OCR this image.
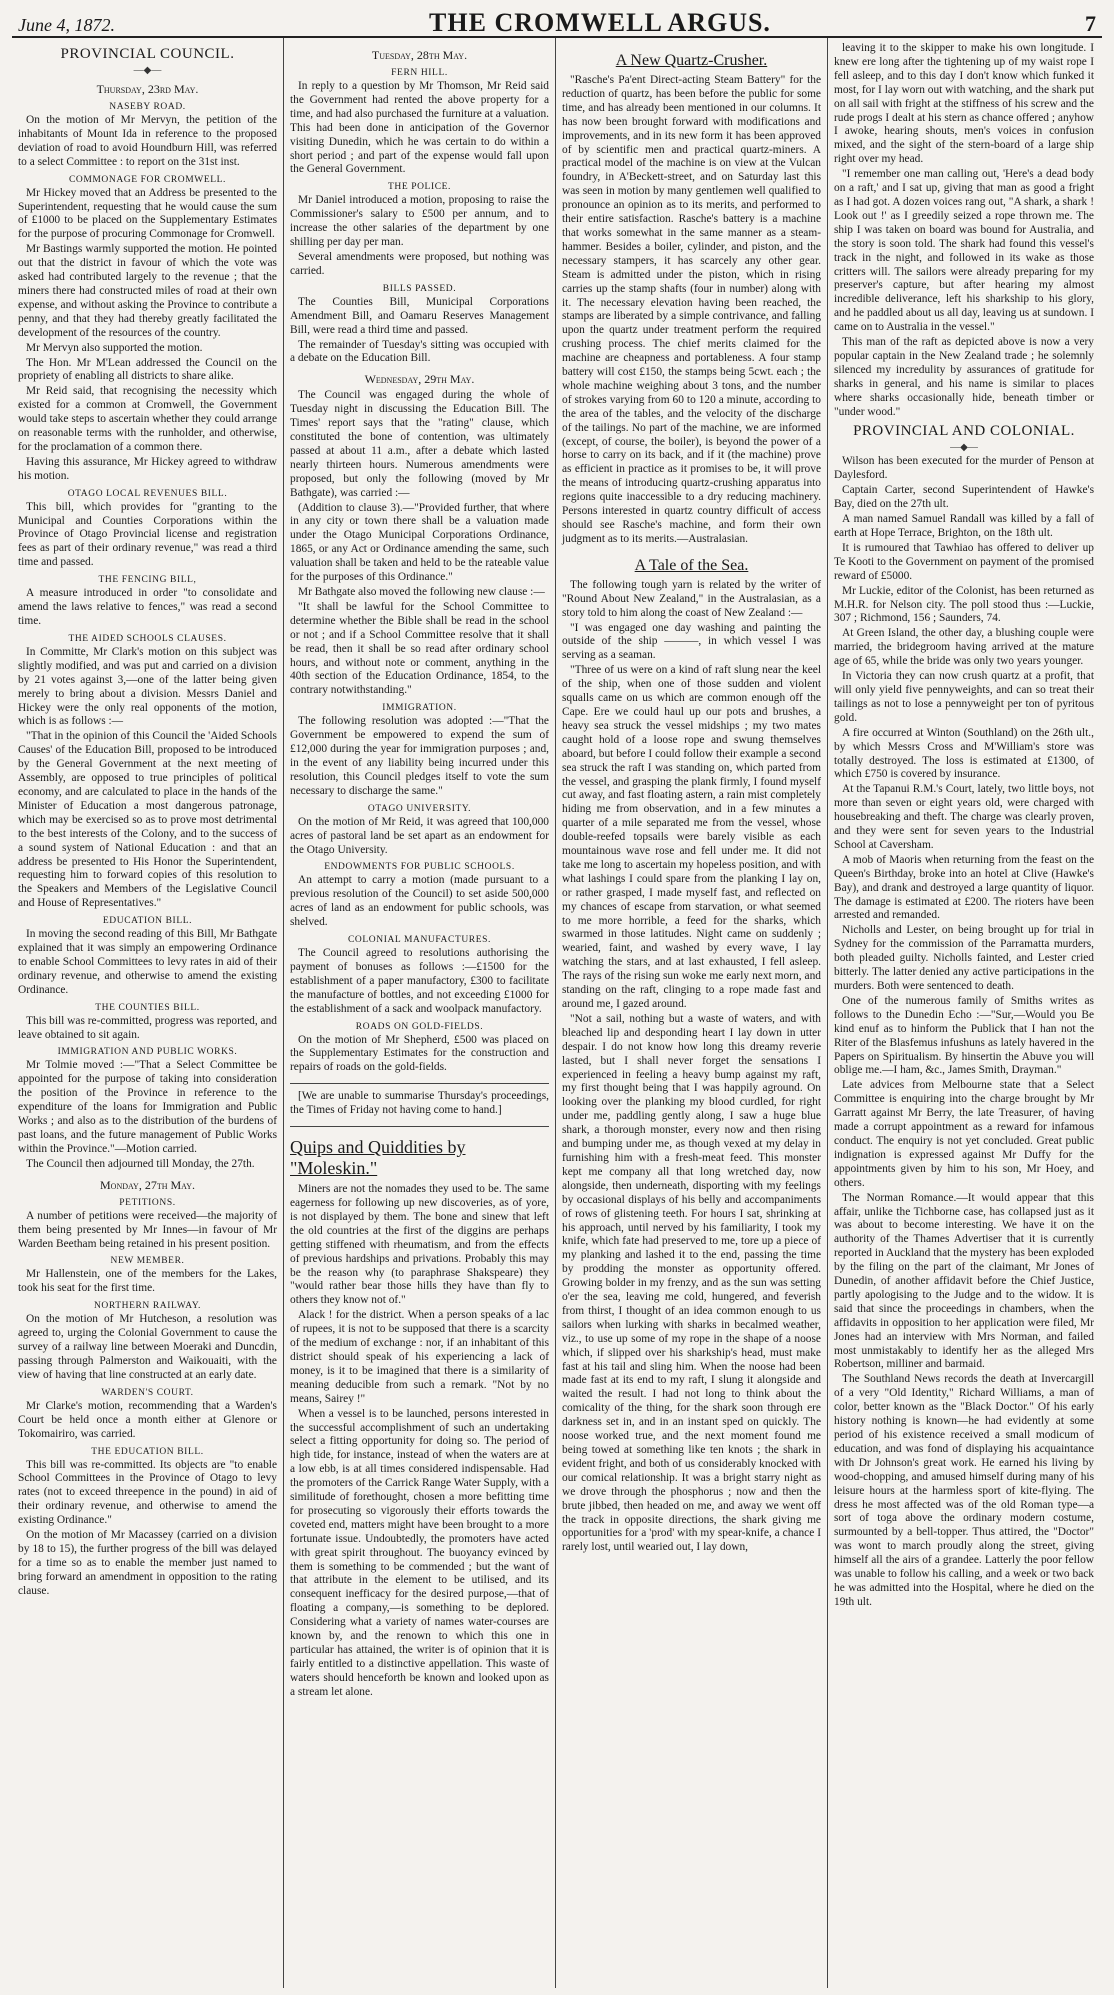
June 4, 1872.	THE CROMWELL ARGUS.	7
PROVINCIAL COUNCIL.
—◆—
Thursday, 23rd May.
NASEBY ROAD.

On the motion of Mr Mervyn, the petition of the inhabitants of Mount Ida in reference to the proposed deviation of road to avoid Houndburn Hill, was referred to a select Committee : to report on the 31st inst.

COMMONAGE FOR CROMWELL.

Mr Hickey moved that an Address be presented to the Superintendent, requesting that he would cause the sum of £1000 to be placed on the Supplementary Estimates for the purpose of procuring Commonage for Cromwell.

Mr Bastings warmly supported the motion. He pointed out that the district in favour of which the vote was asked had contributed largely to the revenue ; that the miners there had constructed miles of road at their own expense, and without asking the Province to contribute a penny, and that they had thereby greatly facilitated the development of the resources of the country.

Mr Mervyn also supported the motion.

The Hon. Mr M'Lean addressed the Council on the propriety of enabling all districts to share alike.

Mr Reid said, that recognising the necessity which existed for a common at Cromwell, the Government would take steps to ascertain whether they could arrange on reasonable terms with the runholder, and otherwise, for the proclamation of a common there.

Having this assurance, Mr Hickey agreed to withdraw his motion.

OTAGO LOCAL REVENUES BILL.

This bill, which provides for "granting to the Municipal and Counties Corporations within the Province of Otago Provincial license and registration fees as part of their ordinary revenue," was read a third time and passed.

THE FENCING BILL,

A measure introduced in order "to consolidate and amend the laws relative to fences," was read a second time.

THE AIDED SCHOOLS CLAUSES.

In Committe, Mr Clark's motion on this subject was slightly modified, and was put and carried on a division by 21 votes against 3,—one of the latter being given merely to bring about a division. Messrs Daniel and Hickey were the only real opponents of the motion, which is as follows :—

"That in the opinion of this Council the 'Aided Schools Causes' of the Education Bill, proposed to be introduced by the General Government at the next meeting of Assembly, are opposed to true principles of political economy, and are calculated to place in the hands of the Minister of Education a most dangerous patronage, which may be exercised so as to prove most detrimental to the best interests of the Colony, and to the success of a sound system of National Education : and that an address be presented to His Honor the Superintendent, requesting him to forward copies of this resolution to the Speakers and Members of the Legislative Council and House of Representatives."

EDUCATION BILL.

In moving the second reading of this Bill, Mr Bathgate explained that it was simply an empowering Ordinance to enable School Committees to levy rates in aid of their ordinary revenue, and otherwise to amend the existing Ordinance.

THE COUNTIES BILL.

This bill was re-committed, progress was reported, and leave obtained to sit again.

IMMIGRATION AND PUBLIC WORKS.

Mr Tolmie moved :—"That a Select Committee be appointed for the purpose of taking into consideration the position of the Province in reference to the expenditure of the loans for Immigration and Public Works ; and also as to the distribution of the burdens of past loans, and the future management of Public Works within the Province."—Motion carried.

The Council then adjourned till Monday, the 27th.

Monday, 27th May.
PETITIONS.

A number of petitions were received—the majority of them being presented by Mr Innes—in favour of Mr Warden Beetham being retained in his present position.

NEW MEMBER.

Mr Hallenstein, one of the members for the Lakes, took his seat for the first time.

NORTHERN RAILWAY.

On the motion of Mr Hutcheson, a resolution was agreed to, urging the Colonial Government to cause the survey of a railway line between Moeraki and Duncdin, passing through Palmerston and Waikouaiti, with the view of having that line constructed at an early date.

WARDEN'S COURT.

Mr Clarke's motion, recommending that a Warden's Court be held once a month either at Glenore or Tokomairiro, was carried.

THE EDUCATION BILL.

This bill was re-committed. Its objects are "to enable School Committees in the Province of Otago to levy rates (not to exceed threepence in the pound) in aid of their ordinary revenue, and otherwise to amend the existing Ordinance."

On the motion of Mr Macassey (carried on a division by 18 to 15), the further progress of the bill was delayed for a time so as to enable the member just named to bring forward an amendment in opposition to the rating clause.

Tuesday, 28th May.
FERN HILL.

In reply to a question by Mr Thomson, Mr Reid said the Government had rented the above property for a time, and had also purchased the furniture at a valuation. This had been done in anticipation of the Governor visiting Dunedin, which he was certain to do within a short period ; and part of the expense would fall upon the General Government.

THE POLICE.

Mr Daniel introduced a motion, proposing to raise the Commissioner's salary to £500 per annum, and to increase the other salaries of the department by one shilling per day per man.

Several amendments were proposed, but nothing was carried.

BILLS PASSED.

The Counties Bill, Municipal Corporations Amendment Bill, and Oamaru Reserves Management Bill, were read a third time and passed.

The remainder of Tuesday's sitting was occupied with a debate on the Education Bill.

Wednesday, 29th May.

The Council was engaged during the whole of Tuesday night in discussing the Education Bill. The Times' report says that the "rating" clause, which constituted the bone of contention, was ultimately passed at about 11 a.m., after a debate which lasted nearly thirteen hours. Numerous amendments were proposed, but only the following (moved by Mr Bathgate), was carried :—

(Addition to clause 3).—"Provided further, that where in any city or town there shall be a valuation made under the Otago Municipal Corporations Ordinance, 1865, or any Act or Ordinance amending the same, such valuation shall be taken and held to be the rateable value for the purposes of this Ordinance."

Mr Bathgate also moved the following new clause :—

"It shall be lawful for the School Committee to determine whether the Bible shall be read in the school or not ; and if a School Committee resolve that it shall be read, then it shall be so read after ordinary school hours, and without note or comment, anything in the 40th section of the Education Ordinance, 1854, to the contrary notwithstanding."

IMMIGRATION.

The following resolution was adopted :—"That the Government be empowered to expend the sum of £12,000 during the year for immigration purposes ; and, in the event of any liability being incurred under this resolution, this Council pledges itself to vote the sum necessary to discharge the same."

OTAGO UNIVERSITY.

On the motion of Mr Reid, it was agreed that 100,000 acres of pastoral land be set apart as an endowment for the Otago University.

ENDOWMENTS FOR PUBLIC SCHOOLS.

An attempt to carry a motion (made pursuant to a previous resolution of the Council) to set aside 500,000 acres of land as an endowment for public schools, was shelved.

COLONIAL MANUFACTURES.

The Council agreed to resolutions authorising the payment of bonuses as follows :—£1500 for the establishment of a paper manufactory, £300 to facilitate the manufacture of bottles, and not exceeding £1000 for the establishment of a sack and woolpack manufactory.

ROADS ON GOLD-FIELDS.

On the motion of Mr Shepherd, £500 was placed on the Supplementary Estimates for the construction and repairs of roads on the gold-fields.

[We are unable to summarise Thursday's proceedings, the Times of Friday not having come to hand.]

Quips and Quiddities by "Moleskin."

Miners are not the nomades they used to be. The same eagerness for following up new discoveries, as of yore, is not displayed by them. The bone and sinew that left the old countries at the first of the diggins are perhaps getting stiffened with rheumatism, and from the effects of previous hardships and privations. Probably this may be the reason why (to paraphrase Shakspeare) they "would rather bear those hills they have than fly to others they know not of."

Alack ! for the district. When a person speaks of a lac of rupees, it is not to be supposed that there is a scarcity of the medium of exchange : nor, if an inhabitant of this district should speak of his experiencing a lack of money, is it to be imagined that there is a similarity of meaning deducible from such a remark. "Not by no means, Sairey !"

When a vessel is to be launched, persons interested in the successful accomplishment of such an undertaking select a fitting opportunity for doing so. The period of high tide, for instance, instead of when the waters are at a low ebb, is at all times considered indispensable. Had the promoters of the Carrick Range Water Supply, with a similitude of forethought, chosen a more befitting time for prosecuting so vigorously their efforts towards the coveted end, matters might have been brought to a more fortunate issue. Undoubtedly, the promoters have acted with great spirit throughout. The buoyancy evinced by them is something to be commended ; but the want of that attribute in the element to be utilised, and its consequent inefficacy for the desired purpose,—that of floating a company,—is something to be deplored. Considering what a variety of names water-courses are known by, and the renown to which this one in particular has attained, the writer is of opinion that it is fairly entitled to a distinctive appellation. This waste of waters should henceforth be known and looked upon as a stream let alone.

A New Quartz-Crusher.

"Rasche's Pa'ent Direct-acting Steam Battery" for the reduction of quartz, has been before the public for some time, and has already been mentioned in our columns. It has now been brought forward with modifications and improvements, and in its new form it has been approved of by scientific men and practical quartz-miners. A practical model of the machine is on view at the Vulcan foundry, in A'Beckett-street, and on Saturday last this was seen in motion by many gentlemen well qualified to pronounce an opinion as to its merits, and performed to their entire satisfaction. Rasche's battery is a machine that works somewhat in the same manner as a steam-hammer. Besides a boiler, cylinder, and piston, and the necessary stampers, it has scarcely any other gear. Steam is admitted under the piston, which in rising carries up the stamp shafts (four in number) along with it. The necessary elevation having been reached, the stamps are liberated by a simple contrivance, and falling upon the quartz under treatment perform the required crushing process. The chief merits claimed for the machine are cheapness and portableness. A four stamp battery will cost £150, the stamps being 5cwt. each ; the whole machine weighing about 3 tons, and the number of strokes varying from 60 to 120 a minute, according to the area of the tables, and the velocity of the discharge of the tailings. No part of the machine, we are informed (except, of course, the boiler), is beyond the power of a horse to carry on its back, and if it (the machine) prove as efficient in practice as it promises to be, it will prove the means of introducing quartz-crushing apparatus into regions quite inaccessible to a dry reducing machinery. Persons interested in quartz country difficult of access should see Rasche's machine, and form their own judgment as to its merits.—Australasian.

A Tale of the Sea.

The following tough yarn is related by the writer of "Round About New Zealand," in the Australasian, as a story told to him along the coast of New Zealand :—

"I was engaged one day washing and painting the outside of the ship ———, in which vessel I was serving as a seaman.

"Three of us were on a kind of raft slung near the keel of the ship, when one of those sudden and violent squalls came on us which are common enough off the Cape. Ere we could haul up our pots and brushes, a heavy sea struck the vessel midships ; my two mates caught hold of a loose rope and swung themselves aboard, but before I could follow their example a second sea struck the raft I was standing on, which parted from the vessel, and grasping the plank firmly, I found myself cut away, and fast floating astern, a rain mist completely hiding me from observation, and in a few minutes a quarter of a mile separated me from the vessel, whose double-reefed topsails were barely visible as each mountainous wave rose and fell under me. It did not take me long to ascertain my hopeless position, and with what lashings I could spare from the planking I lay on, or rather grasped, I made myself fast, and reflected on my chances of escape from starvation, or what seemed to me more horrible, a feed for the sharks, which swarmed in those latitudes. Night came on suddenly ; wearied, faint, and washed by every wave, I lay watching the stars, and at last exhausted, I fell asleep. The rays of the rising sun woke me early next morn, and standing on the raft, clinging to a rope made fast and around me, I gazed around.

"Not a sail, nothing but a waste of waters, and with bleached lip and desponding heart I lay down in utter despair. I do not know how long this dreamy reverie lasted, but I shall never forget the sensations I experienced in feeling a heavy bump against my raft, my first thought being that I was happily aground. On looking over the planking my blood curdled, for right under me, paddling gently along, I saw a huge blue shark, a thorough monster, every now and then rising and bumping under me, as though vexed at my delay in furnishing him with a fresh-meat feed. This monster kept me company all that long wretched day, now alongside, then underneath, disporting with my feelings by occasional displays of his belly and accompaniments of rows of glistening teeth. For hours I sat, shrinking at his approach, until nerved by his familiarity, I took my knife, which fate had preserved to me, tore up a piece of my planking and lashed it to the end, passing the time by prodding the monster as opportunity offered. Growing bolder in my frenzy, and as the sun was setting o'er the sea, leaving me cold, hungered, and feverish from thirst, I thought of an idea common enough to us sailors when lurking with sharks in becalmed weather, viz., to use up some of my rope in the shape of a noose which, if slipped over his sharkship's head, must make fast at his tail and sling him. When the noose had been made fast at its end to my raft, I slung it alongside and waited the result. I had not long to think about the comicality of the thing, for the shark soon through ere darkness set in, and in an instant sped on quickly. The noose worked true, and the next moment found me being towed at something like ten knots ; the shark in evident fright, and both of us considerably knocked with our comical relationship. It was a bright starry night as we drove through the phosphorus ; now and then the brute jibbed, then headed on me, and away we went off the track in opposite directions, the shark giving me opportunities for a 'prod' with my spear-knife, a chance I rarely lost, until wearied out, I lay down,

leaving it to the skipper to make his own longitude. I knew ere long after the tightening up of my waist rope I fell asleep, and to this day I don't know which funked it most, for I lay worn out with watching, and the shark put on all sail with fright at the stiffness of his screw and the rude progs I dealt at his stern as chance offered ; anyhow I awoke, hearing shouts, men's voices in confusion mixed, and the sight of the stern-board of a large ship right over my head.

"I remember one man calling out, 'Here's a dead body on a raft,' and I sat up, giving that man as good a fright as I had got. A dozen voices rang out, "A shark, a shark ! Look out !' as I greedily seized a rope thrown me. The ship I was taken on board was bound for Australia, and the story is soon told. The shark had found this vessel's track in the night, and followed in its wake as those critters will. The sailors were already preparing for my preserver's capture, but after hearing my almost incredible deliverance, left his sharkship to his glory, and he paddled about us all day, leaving us at sundown. I came on to Australia in the vessel."

This man of the raft as depicted above is now a very popular captain in the New Zealand trade ; he solemnly silenced my incredulity by assurances of gratitude for sharks in general, and his name is similar to places where sharks occasionally hide, beneath timber or "under wood."

PROVINCIAL AND COLONIAL.
—◆—

Wilson has been executed for the murder of Penson at Daylesford.

Captain Carter, second Superintendent of Hawke's Bay, died on the 27th ult.

A man named Samuel Randall was killed by a fall of earth at Hope Terrace, Brighton, on the 18th ult.

It is rumoured that Tawhiao has offered to deliver up Te Kooti to the Government on payment of the promised reward of £5000.

Mr Luckie, editor of the Colonist, has been returned as M.H.R. for Nelson city. The poll stood thus :—Luckie, 307 ; Richmond, 156 ; Saunders, 74.

At Green Island, the other day, a blushing couple were married, the bridegroom having arrived at the mature age of 65, while the bride was only two years younger.

In Victoria they can now crush quartz at a profit, that will only yield five pennyweights, and can so treat their tailings as not to lose a pennyweight per ton of pyritous gold.

A fire occurred at Winton (Southland) on the 26th ult., by which Messrs Cross and M'William's store was totally destroyed. The loss is estimated at £1300, of which £750 is covered by insurance.

At the Tapanui R.M.'s Court, lately, two little boys, not more than seven or eight years old, were charged with housebreaking and theft. The charge was clearly proven, and they were sent for seven years to the Industrial School at Caversham.

A mob of Maoris when returning from the feast on the Queen's Birthday, broke into an hotel at Clive (Hawke's Bay), and drank and destroyed a large quantity of liquor. The damage is estimated at £200. The rioters have been arrested and remanded.

Nicholls and Lester, on being brought up for trial in Sydney for the commission of the Parramatta murders, both pleaded guilty. Nicholls fainted, and Lester cried bitterly. The latter denied any active participations in the murders. Both were sentenced to death.

One of the numerous family of Smiths writes as follows to the Dunedin Echo :—"Sur,—Would you Be kind enuf as to hinform the Publick that I han not the Riter of the Blasfemus infushuns as lately havered in the Papers on Spiritualism. By hinsertin the Abuve you will oblige me.—I ham, &c., James Smith, Drayman."

Late advices from Melbourne state that a Select Committee is enquiring into the charge brought by Mr Garratt against Mr Berry, the late Treasurer, of having made a corrupt appointment as a reward for infamous conduct. The enquiry is not yet concluded. Great public indignation is expressed against Mr Duffy for the appointments given by him to his son, Mr Hoey, and others.

The Norman Romance.—It would appear that this affair, unlike the Tichborne case, has collapsed just as it was about to become interesting. We have it on the authority of the Thames Advertiser that it is currently reported in Auckland that the mystery has been exploded by the filing on the part of the claimant, Mr Jones of Dunedin, of another affidavit before the Chief Justice, partly apologising to the Judge and to the widow. It is said that since the proceedings in chambers, when the affidavits in opposition to her application were filed, Mr Jones had an interview with Mrs Norman, and failed most unmistakably to identify her as the alleged Mrs Robertson, milliner and barmaid.

The Southland News records the death at Invercargill of a very "Old Identity," Richard Williams, a man of color, better known as the "Black Doctor." Of his early history nothing is known—he had evidently at some period of his existence received a small modicum of education, and was fond of displaying his acquaintance with Dr Johnson's great work. He earned his living by wood-chopping, and amused himself during many of his leisure hours at the harmless sport of kite-flying. The dress he most affected was of the old Roman type—a sort of toga above the ordinary modern costume, surmounted by a bell-topper. Thus attired, the "Doctor" was wont to march proudly along the street, giving himself all the airs of a grandee. Latterly the poor fellow was unable to follow his calling, and a week or two back he was admitted into the Hospital, where he died on the 19th ult.
